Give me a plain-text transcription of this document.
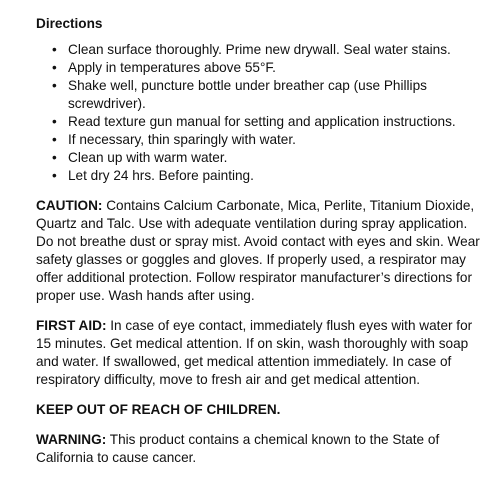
Directions
• Clean surface thoroughly. Prime new drywall. Seal water stains.
• Apply in temperatures above 55°F.
• Shake well, puncture bottle under breather cap (use Phillips screwdriver).
• Read texture gun manual for setting and application instructions.
• If necessary, thin sparingly with water.
• Clean up with warm water.
• Let dry 24 hrs. Before painting.

CAUTION: Contains Calcium Carbonate, Mica, Perlite, Titanium Dioxide, Quartz and Talc. Use with adequate ventilation during spray application. Do not breathe dust or spray mist. Avoid contact with eyes and skin. Wear safety glasses or goggles and gloves. If properly used, a respirator may offer additional protection. Follow respirator manufacturer’s directions for proper use. Wash hands after using.

FIRST AID: In case of eye contact, immediately flush eyes with water for 15 minutes. Get medical attention. If on skin, wash thoroughly with soap and water. If swallowed, get medical attention immediately. In case of respiratory difficulty, move to fresh air and get medical attention.

KEEP OUT OF REACH OF CHILDREN.

WARNING: This product contains a chemical known to the State of California to cause cancer.
